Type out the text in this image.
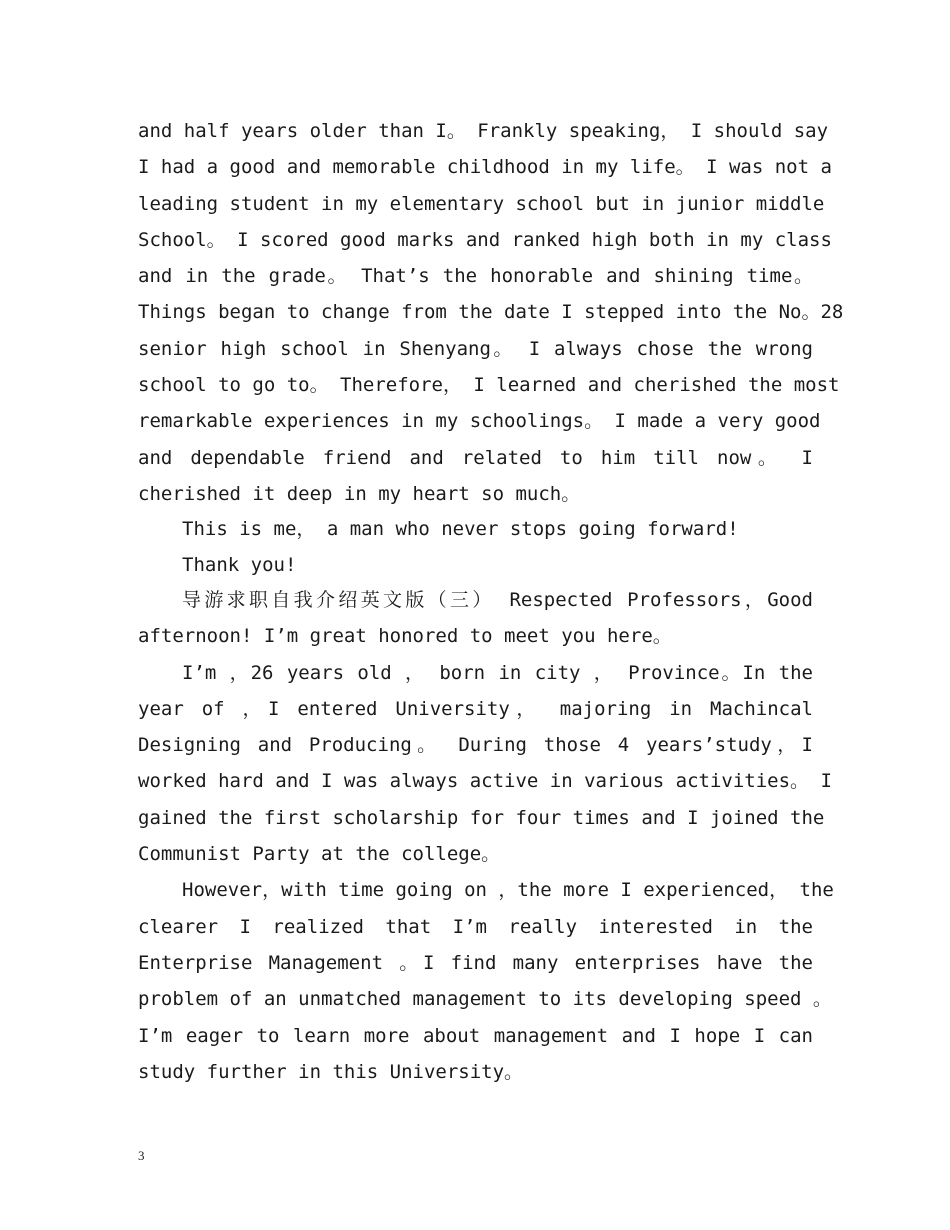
and half years older than I。 Frankly speaking， I should say
I had a good and memorable childhood in my life。 I was not a
leading student in my elementary school but in junior middle
School。 I scored good marks and ranked high both in my class
and in the grade。 That’s the honorable and shining time。
Things began to change from the date I stepped into the No。28
senior high school in Shenyang。 I always chose the wrong
school to go to。 Therefore， I learned and cherished the most
remarkable experiences in my schoolings。 I made a very good
and dependable friend and related to him till now。 I
cherished it deep in my heart so much。
This is me， a man who never stops going forward!
Thank you!
导游求职自我介绍英文版（三） Respected Professors，Good
afternoon! I’m great honored to meet you here。
I’m ，26 years old ， born in city ， Province。In the
year of ，I entered University， majoring in Machincal
Designing and Producing。 During those 4 years’study，I
worked hard and I was always active in various activities。 I
gained the first scholarship for four times and I joined the
Communist Party at the college。
However，with time going on ，the more I experienced， the
clearer I realized that I’m really interested in the
Enterprise Management 。I find many enterprises have the
problem of an unmatched management to its developing speed 。
I’m eager to learn more about management and I hope I can
study further in this University。
3
